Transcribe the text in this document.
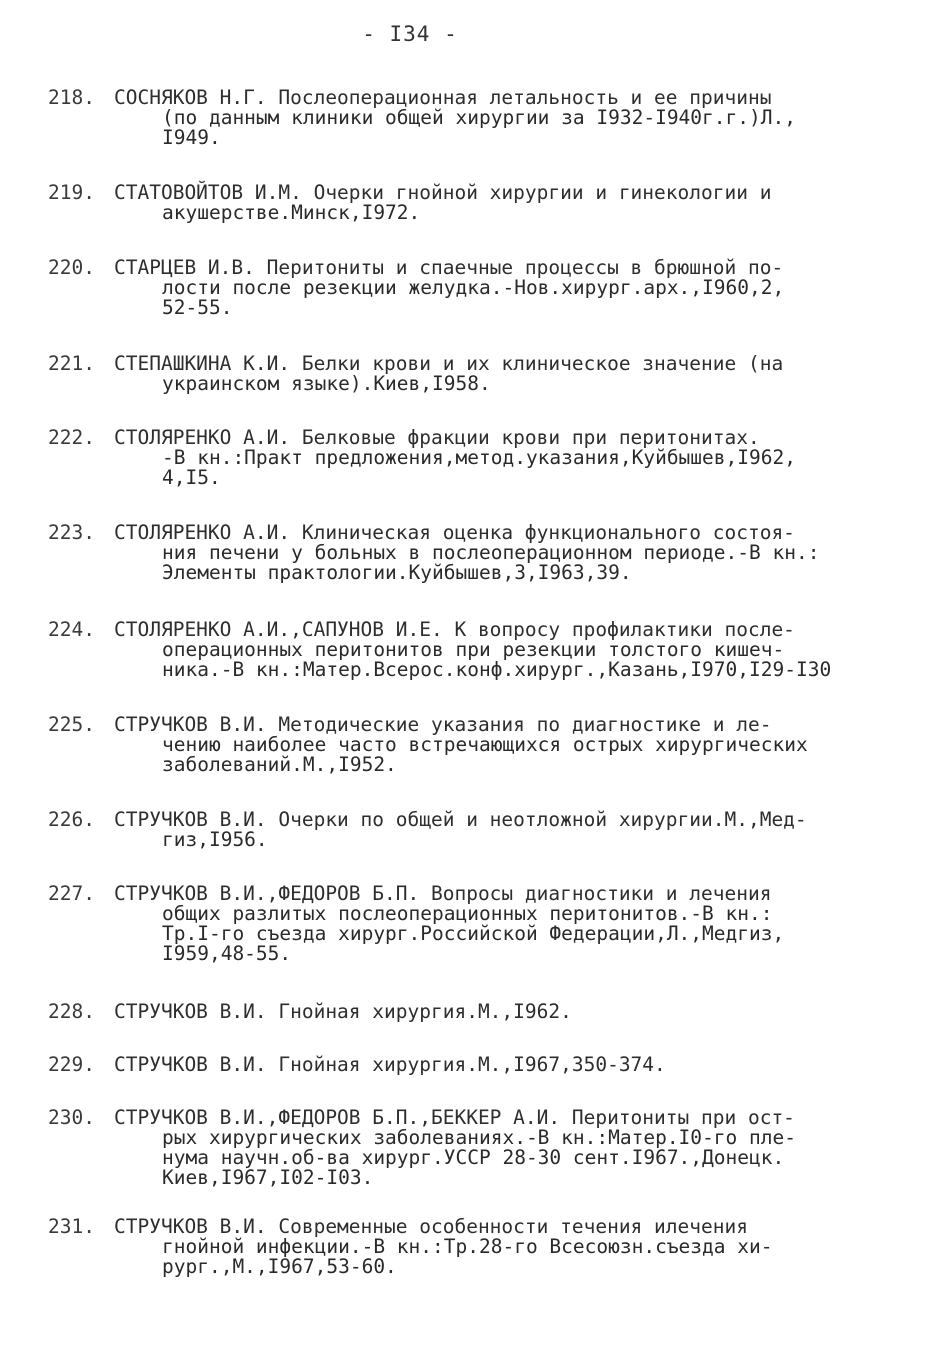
- I34 -
218. СОСНЯКОВ Н.Г. Послеоперационная летальность и ее причины
(по данным клиники общей хирургии за I932-I940г.г.)Л.,
I949.
219. СТАТОВОЙТОВ И.М. Очерки гнойной хирургии и гинекологии и
акушерстве.Минск,I972.
220. СТАРЦЕВ И.В. Перитониты и спаечные процессы в брюшной по-
лости после резекции желудка.-Нов.хирург.арх.,I960,2,
52-55.
221. СТЕПАШКИНА К.И. Белки крови и их клиническое значение (на
украинском языке).Киев,I958.
222. СТОЛЯРЕНКО А.И. Белковые фракции крови при перитонитах.
-В кн.:Практ предложения,метод.указания,Куйбышев,I962,
4,I5.
223. СТОЛЯРЕНКО А.И. Клиническая оценка функционального состоя-
ния печени у больных в послеоперационном периоде.-В кн.:
Элементы практологии.Куйбышев,3,I963,39.
224. СТОЛЯРЕНКО А.И.,САПУНОВ И.Е. К вопросу профилактики после-
операционных перитонитов при резекции толстого кишеч-
ника.-В кн.:Матер.Всерос.конф.хирург.,Казань,I970,I29-I30
225. СТРУЧКОВ В.И. Методические указания по диагностике и ле-
чению наиболее часто встречающихся острых хирургических
заболеваний.М.,I952.
226. СТРУЧКОВ В.И. Очерки по общей и неотложной хирургии.М.,Мед-
гиз,I956.
227. СТРУЧКОВ В.И.,ФЕДОРОВ Б.П. Вопросы диагностики и лечения
общих разлитых послеоперационных перитонитов.-В кн.:
Тр.I-го съезда хирург.Российской Федерации,Л.,Медгиз,
I959,48-55.
228. СТРУЧКОВ В.И. Гнойная хирургия.М.,I962.
229. СТРУЧКОВ В.И. Гнойная хирургия.М.,I967,350-374.
230. СТРУЧКОВ В.И.,ФЕДОРОВ Б.П.,БЕККЕР А.И. Перитониты при ост-
рых хирургических заболеваниях.-В кн.:Матер.I0-го пле-
нума научн.об-ва хирург.УССР 28-30 сент.I967.,Донецк.
Киев,I967,I02-I03.
231. СТРУЧКОВ В.И. Современные особенности течения илечения
гнойной инфекции.-В кн.:Тр.28-го Всесоюзн.съезда хи-
рург.,М.,I967,53-60.
